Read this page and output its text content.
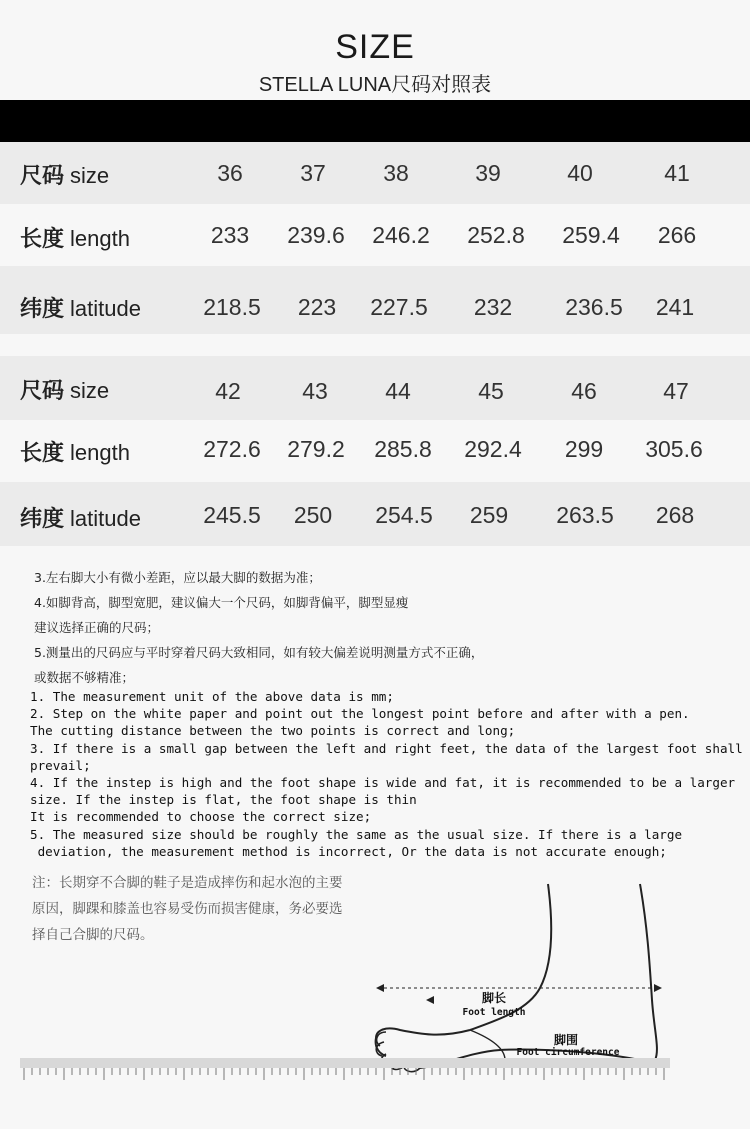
SIZE
STELLA LUNA尺码对照表
尺码 size	36	37	38	39	40	41
长度 length	233	239.6	246.2	252.8	259.4	266
纬度 latitude	218.5	223	227.5	232	236.5	241
尺码 size	42	43	44	45	46	47
长度 length	272.6	279.2	285.8	292.4	299	305.6
纬度 latitude	245.5	250	254.5	259	263.5	268
3.左右脚大小有微小差距，应以最大脚的数据为准；
4.如脚背高，脚型宽肥，建议偏大一个尺码，如脚背偏平，脚型显瘦
建议选择正确的尺码；
5.测量出的尺码应与平时穿着尺码大致相同，如有较大偏差说明测量方式不正确，
或数据不够精准；
1. The measurement unit of the above data is mm;
2. Step on the white paper and point out the longest point before and after with a pen.
The cutting distance between the two points is correct and long;
3. If there is a small gap between the left and right feet, the data of the largest foot shall
prevail;
4. If the instep is high and the foot shape is wide and fat, it is recommended to be a larger
size. If the instep is flat, the foot shape is thin
It is recommended to choose the correct size;
5. The measured size should be roughly the same as the usual size. If there is a large
deviation, the measurement method is incorrect, Or the data is not accurate enough;
注：长期穿不合脚的鞋子是造成摔伤和起水泡的主要
原因，脚踝和膝盖也容易受伤而损害健康，务必要选
择自己合脚的尺码。
脚长
Foot length
脚围
Foot circumference
